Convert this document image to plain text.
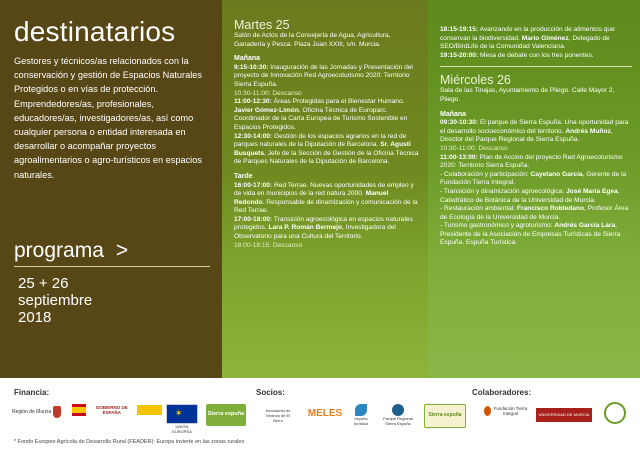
destinatarios

Gestores y técnicos/as relacionados con la conservación y gestión de Espacios Naturales Protegidos o en vías de protección.

Emprendedores/as, profesionales, educadores/as, investigadores/as, así como cualquier persona o entidad interesada en desarrollar o acompañar proyectos agroalimentarios o agro-turísticos en espacios naturales.

programa >
25 + 26
septiembre
2018

Martes 25

Salón de Actos de la Consejería de Agua, Agricultura, Ganadería y Pesca. Plaza Juan XXIII, s/n. Murcia.

Mañana

9:15-10:30: Inauguración de las Jornadas y Presentación del proyecto de Innovación Red Agroecoturismo 2020: Territorio Sierra Espuña.

10:30-11:00: Descanso

11:00-12:30: Áreas Protegidas para el Bienestar Humano. Javier Gómez-Limón, Oficina Técnica de Europarc. Coordinador de la Carta Europea de Turismo Sostenible en Espacios Protegidos.

12:30-14:00: Gestión de los espacios agrarios en la red de parques naturales de la Diputación de Barcelona. Sr. Agustí Busquets, Jefe de la Sección de Gestión de la Oficina Técnica de Parques Naturales de la Diputación de Barcelona.

Tarde

16:00-17:00: Red Terrae. Nuevas oportunidades de empleo y de vida en municipios de la red natura 2000. Manuel Redondo. Responsable de dinamización y comunicación de la Red Terrae.

17:00-18:00: Transición agroecológica en espacios naturales protegidos. Lara P. Román Bermejo, Investigadora del Observatorio para una Cultura del Territorio.

18:00-18:15: Descanso

18:15-19:15: Avanzando en la producción de alimentos que conservan la biodiversidad. Mario Giménez, Delegado de SEO/BirdLife de la Comunidad Valenciana.

19:15-20:00: Mesa de debate con los tres ponentes.

Miércoles 26

Sala de las Tinajas, Ayuntamiento de Pliego. Calle Mayor 2, Pliego.

Mañana

09:30-10:30: El parque de Sierra Espuña. Una oportunidad para el desarrollo socioeconómico del territorio. Andrés Muñoz, Director del Parque Regional de Sierra Espuña.

10:30-11:00: Descanso

11:00-13:00: Plan de Acción del proyecto Red Agroecoturismo 2020: Territorio Sierra Espuña.

- Colaboración y participación: Cayetano García, Gerente de la Fundación Tierra Integral.

- Transición y dinamización agroecológica: José María Egea, Catedrático de Botánica de la Universidad de Murcia.

- Restauración ambiental: Francisco Robledano, Profesor Área de Ecología de la Universidad de Murcia.

- Turismo gastronómico y agroturismo: Andrés García Lara, Presidente de la Asociación de Empresas Turísticas de Sierra Espuña. Espuña Turística.

Financia:	Socios:	Colaboradores:
Región de Murcia
GOBIERNO DE ESPAÑA	✶
UNIÓN EUROPEA
Sierra espuña
Asociación de Vecinos de El Berro
MELES	espuña turística
Parque Regional Sierra Espuña
Sierra espuña
Fundación Tierra Integral	UNIVERSIDAD DE MURCIA
* Fondo Europeo Agrícola de Desarrollo Rural (FEADER): Europa invierte en las zonas rurales
